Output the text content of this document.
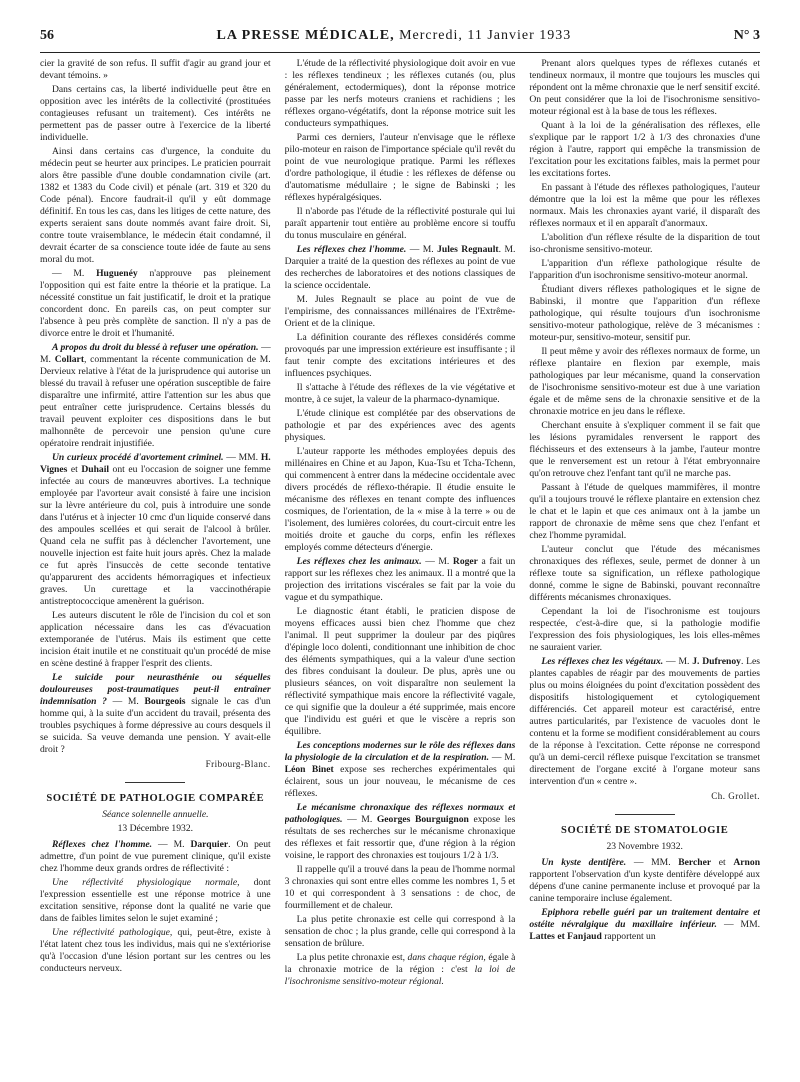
56	LA PRESSE MÉDICALE, Mercredi, 11 Janvier 1933	N° 3

cier la gravité de son refus. Il suffit d'agir au grand jour et devant témoins. »

Dans certains cas, la liberté individuelle peut être en opposition avec les intérêts de la collectivité (prostituées contagieuses refusant un traitement). Ces intérêts ne permettent pas de passer outre à l'exercice de la liberté individuelle.

Ainsi dans certains cas d'urgence, la conduite du médecin peut se heurter aux principes. Le praticien pourrait alors être passible d'une double condamnation civile (art. 1382 et 1383 du Code civil) et pénale (art. 319 et 320 du Code pénal). Encore faudrait-il qu'il y eût dommage définitif. En tous les cas, dans les litiges de cette nature, des experts seraient sans doute nommés avant faire droit. Si, contre toute vraisemblance, le médecin était condamné, il devrait écarter de sa conscience toute idée de faute au sens moral du mot.

— M. Huguenéy n'approuve pas pleinement l'opposition qui est faite entre la théorie et la pratique. La nécessité constitue un fait justificatif, le droit et la pratique concordent donc. En pareils cas, on peut compter sur l'absence à peu près complète de sanction. Il n'y a pas de divorce entre le droit et l'humanité.

A propos du droit du blessé à refuser une opération. — M. Collart, commentant la récente communication de M. Dervieux relative à l'état de la jurisprudence qui autorise un blessé du travail à refuser une opération susceptible de faire disparaître une infirmité, attire l'attention sur les abus que peut entraîner cette jurisprudence. Certains blessés du travail peuvent exploiter ces dispositions dans le but malhonnête de percevoir une pension qu'une cure opératoire rendrait injustifiée.

Un curieux procédé d'avortement criminel. — MM. H. Vignes et Duhail ont eu l'occasion de soigner une femme infectée au cours de manœuvres abortives. La technique employée par l'avorteur avait consisté à faire une incision sur la lèvre antérieure du col, puis à introduire une sonde dans l'utérus et à injecter 10 cmc d'un liquide conservé dans des ampoules scellées et qui serait de l'alcool à brûler. Quand cela ne suffit pas à déclencher l'avortement, une nouvelle injection est faite huit jours après. Chez la malade ce fut après l'insuccès de cette seconde tentative qu'apparurent des accidents hémorragiques et infectieux graves. Un curettage et la vaccinothérapie antistreptococcique amenèrent la guérison.

Les auteurs discutent le rôle de l'incision du col et son application nécessaire dans les cas d'évacuation extemporanée de l'utérus. Mais ils estiment que cette incision était inutile et ne constituait qu'un procédé de mise en scène destiné à frapper l'esprit des clients.

Le suicide pour neurasthénie ou séquelles douloureuses post-traumatiques peut-il entraîner indemnisation ? — M. Bourgeois signale le cas d'un homme qui, à la suite d'un accident du travail, présenta des troubles psychiques à forme dépressive au cours desquels il se suicida. Sa veuve demanda une pension. Y avait-elle droit ?

Fribourg-Blanc.
SOCIÉTÉ DE PATHOLOGIE COMPARÉE
Séance solennelle annuelle.
13 Décembre 1932.

Réflexes chez l'homme. — M. Darquier. On peut admettre, d'un point de vue purement clinique, qu'il existe chez l'homme deux grands ordres de réflectivité :

Une réflectivité physiologique normale, dont l'expression essentielle est une réponse motrice à une excitation sensitive, réponse dont la qualité ne varie que dans de faibles limites selon le sujet examiné ;

Une réflectivité pathologique, qui, peut-être, existe à l'état latent chez tous les individus, mais qui ne s'extériorise qu'à l'occasion d'une lésion portant sur les centres ou les conducteurs nerveux.

L'étude de la réflectivité physiologique doit avoir en vue : les réflexes tendineux ; les réflexes cutanés (ou, plus généralement, ectodermiques), dont la réponse motrice passe par les nerfs moteurs craniens et rachidiens ; les réflexes organo-végétatifs, dont la réponse motrice suit les conducteurs sympathiques.

Parmi ces derniers, l'auteur n'envisage que le réflexe pilo-moteur en raison de l'importance spéciale qu'il revêt du point de vue neurologique pratique. Parmi les réflexes d'ordre pathologique, il étudie : les réflexes de défense ou d'automatisme médullaire ; le signe de Babinski ; les réflexes hypéralgésiques.

Il n'aborde pas l'étude de la réflectivité posturale qui lui paraît appartenir tout entière au problème encore si touffu du tonus musculaire en général.

Les réflexes chez l'homme. — M. Jules Regnault. M. Darquier a traité de la question des réflexes au point de vue des recherches de laboratoires et des notions classiques de la science occidentale.

M. Jules Regnault se place au point de vue de l'empirisme, des connaissances millénaires de l'Extrême-Orient et de la clinique.

La définition courante des réflexes considérés comme provoqués par une impression extérieure est insuffisante ; il faut tenir compte des excitations intérieures et des influences psychiques.

Il s'attache à l'étude des réflexes de la vie végétative et montre, à ce sujet, la valeur de la pharmaco-dynamique.

L'étude clinique est complétée par des observations de pathologie et par des expériences avec des agents physiques.

L'auteur rapporte les méthodes employées depuis des millénaires en Chine et au Japon, Kua-Tsu et Tcha-Tchenn, qui commencent à entrer dans la médecine occidentale avec divers procédés de réflexo-thérapie. Il étudie ensuite le mécanisme des réflexes en tenant compte des influences cosmiques, de l'orientation, de la « mise à la terre » ou de l'isolement, des lumières colorées, du court-circuit entre les moitiés droite et gauche du corps, enfin les réflexes employés comme détecteurs d'énergie.

Les réflexes chez les animaux. — M. Roger a fait un rapport sur les réflexes chez les animaux. Il a montré que la projection des irritations viscérales se fait par la voie du vague et du sympathique.

Le diagnostic étant établi, le praticien dispose de moyens efficaces aussi bien chez l'homme que chez l'animal. Il peut supprimer la douleur par des piqûres d'épingle loco dolenti, conditionnant une inhibition de choc des éléments sympathiques, qui a la valeur d'une section des fibres conduisant la douleur. De plus, après une ou plusieurs séances, on voit disparaître non seulement la réflectivité sympathique mais encore la réflectivité vagale, ce qui signifie que la douleur a été supprimée, mais encore que l'individu est guéri et que le viscère a repris son équilibre.

Les conceptions modernes sur le rôle des réflexes dans la physiologie de la circulation et de la respiration. — M. Léon Binet expose ses recherches expérimentales qui éclairent, sous un jour nouveau, le mécanisme de ces réflexes.

Le mécanisme chronaxique des réflexes normaux et pathologiques. — M. Georges Bourguignon expose les résultats de ses recherches sur le mécanisme chronaxique des réflexes et fait ressortir que, d'une région à la région voisine, le rapport des chronaxies est toujours 1/2 à 1/3.

Il rappelle qu'il a trouvé dans la peau de l'homme normal 3 chronaxies qui sont entre elles comme les nombres 1, 5 et 10 et qui correspondent à 3 sensations : de choc, de fourmillement et de chaleur.

La plus petite chronaxie est celle qui correspond à la sensation de choc ; la plus grande, celle qui correspond à la sensation de brûlure.

La plus petite chronaxie est, dans chaque région, égale à la chronaxie motrice de la région : c'est la loi de l'isochronisme sensitivo-moteur régional.

Prenant alors quelques types de réflexes cutanés et tendineux normaux, il montre que toujours les muscles qui répondent ont la même chronaxie que le nerf sensitif excité. On peut considérer que la loi de l'isochronisme sensitivo-moteur régional est à la base de tous les réflexes.

Quant à la loi de la généralisation des réflexes, elle s'explique par le rapport 1/2 à 1/3 des chronaxies d'une région à l'autre, rapport qui empêche la transmission de l'excitation pour les excitations faibles, mais la permet pour les excitations fortes.

En passant à l'étude des réflexes pathologiques, l'auteur démontre que la loi est la même que pour les réflexes normaux. Mais les chronaxies ayant varié, il disparaît des réflexes normaux et il en apparaît d'anormaux.

L'abolition d'un réflexe résulte de la disparition de tout iso-chronisme sensitivo-moteur.

L'apparition d'un réflexe pathologique résulte de l'apparition d'un isochronisme sensitivo-moteur anormal.

Étudiant divers réflexes pathologiques et le signe de Babinski, il montre que l'apparition d'un réflexe pathologique, qui résulte toujours d'un isochronisme sensitivo-moteur pathologique, relève de 3 mécanismes : moteur-pur, sensitivo-moteur, sensitif pur.

Il peut même y avoir des réflexes normaux de forme, un réflexe plantaire en flexion par exemple, mais pathologiques par leur mécanisme, quand la conservation de l'isochronisme sensitivo-moteur est due à une variation égale et de même sens de la chronaxie sensitive et de la chronaxie motrice en jeu dans le réflexe.

Cherchant ensuite à s'expliquer comment il se fait que les lésions pyramidales renversent le rapport des fléchisseurs et des extenseurs à la jambe, l'auteur montre que le renversement est un retour à l'état embryonnaire qu'on retrouve chez l'enfant tant qu'il ne marche pas.

Passant à l'étude de quelques mammifères, il montre qu'il a toujours trouvé le réflexe plantaire en extension chez le chat et le lapin et que ces animaux ont à la jambe un rapport de chronaxie de même sens que chez l'enfant et chez l'homme pyramidal.

L'auteur conclut que l'étude des mécanismes chronaxiques des réflexes, seule, permet de donner à un réflexe toute sa signification, un réflexe pathologique donné, comme le signe de Babinski, pouvant reconnaître différents mécanismes chronaxiques.

Cependant la loi de l'isochronisme est toujours respectée, c'est-à-dire que, si la pathologie modifie l'expression des fois physiologiques, les lois elles-mêmes ne sauraient varier.

Les réflexes chez les végétaux. — M. J. Dufrenoy. Les plantes capables de réagir par des mouvements de parties plus ou moins éloignées du point d'excitation possèdent des dispositifs histologiquement et cytologiquement différenciés. Cet appareil moteur est caractérisé, entre autres particularités, par l'existence de vacuoles dont le contenu et la forme se modifient considérablement au cours de la réponse à l'excitation. Cette réponse ne correspond qu'à un demi-cercil réflexe puisque l'excitation se transmet directement de l'organe excité à l'organe moteur sans intervention d'un « centre ».

Ch. Grollet.
SOCIÉTÉ DE STOMATOLOGIE
23 Novembre 1932.

Un kyste dentifère. — MM. Bercher et Arnon rapportent l'observation d'un kyste dentifère développé aux dépens d'une canine permanente incluse et provoqué par la canine temporaire incluse également.

Epiphora rebelle guéri par un traitement dentaire et ostéite névralgique du maxillaire inférieur. — MM. Lattes et Fanjaud rapportent un
